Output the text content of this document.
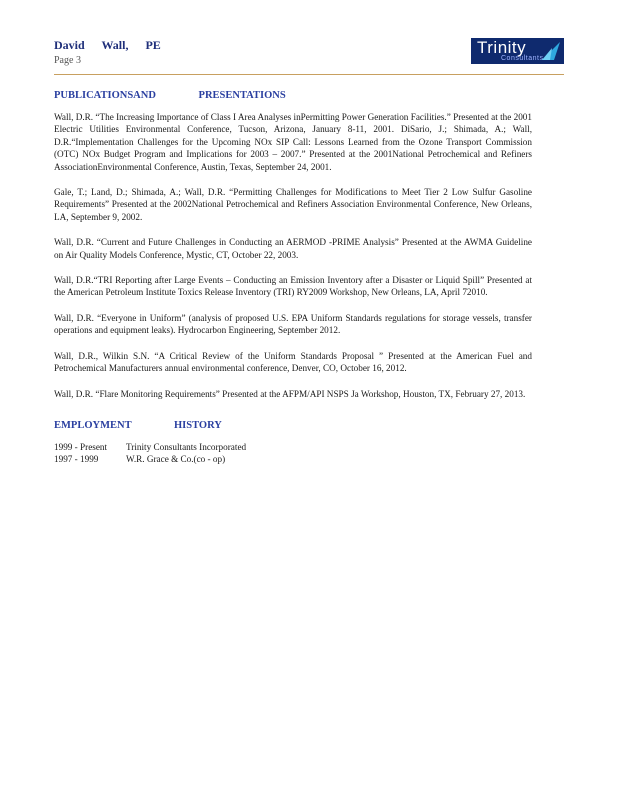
David Wall, PE
Page 3
Trinity
Consultants
PUBLICATIONSAND PRESENTATIONS

Wall, D.R. “The Increasing Importance of Class I Area Analyses inPermitting Power Generation Facilities.” Presented at the 2001 Electric Utilities Environmental Conference, Tucson, Arizona, January 8-11, 2001. DiSario, J.; Shimada, A.; Wall, D.R.“Implementation Challenges for the Upcoming NOx SIP Call: Lessons Learned from the Ozone Transport Commission (OTC) NOx Budget Program and Implications for 2003 – 2007.” Presented at the 2001National Petrochemical and Refiners AssociationEnvironmental Conference, Austin, Texas, September 24, 2001.

Gale, T.; Land, D.; Shimada, A.; Wall, D.R. “Permitting Challenges for Modifications to Meet Tier 2 Low Sulfur Gasoline Requirements” Presented at the 2002National Petrochemical and Refiners Association Environmental Conference, New Orleans, LA, September 9, 2002.

Wall, D.R. “Current and Future Challenges in Conducting an AERMOD -PRIME Analysis” Presented at the AWMA Guideline on Air Quality Models Conference, Mystic, CT, October 22, 2003.

Wall, D.R.“TRI Reporting after Large Events – Conducting an Emission Inventory after a Disaster or Liquid Spill” Presented at the American Petroleum Institute Toxics Release Inventory (TRI) RY2009 Workshop, New Orleans, LA, April 72010.

Wall, D.R. “Everyone in Uniform” (analysis of proposed U.S. EPA Uniform Standards regulations for storage vessels, transfer operations and equipment leaks). Hydrocarbon Engineering, September 2012.

Wall, D.R., Wilkin S.N. “A Critical Review of the Uniform Standards Proposal ” Presented at the American Fuel and Petrochemical Manufacturers annual environmental conference, Denver, CO, October 16, 2012.

Wall, D.R. “Flare Monitoring Requirements” Presented at the AFPM/API NSPS Ja Workshop, Houston, TX, February 27, 2013.

EMPLOYMENT HISTORY
1999 - Present	Trinity Consultants Incorporated
1997 - 1999	W.R. Grace & Co.(co - op)
